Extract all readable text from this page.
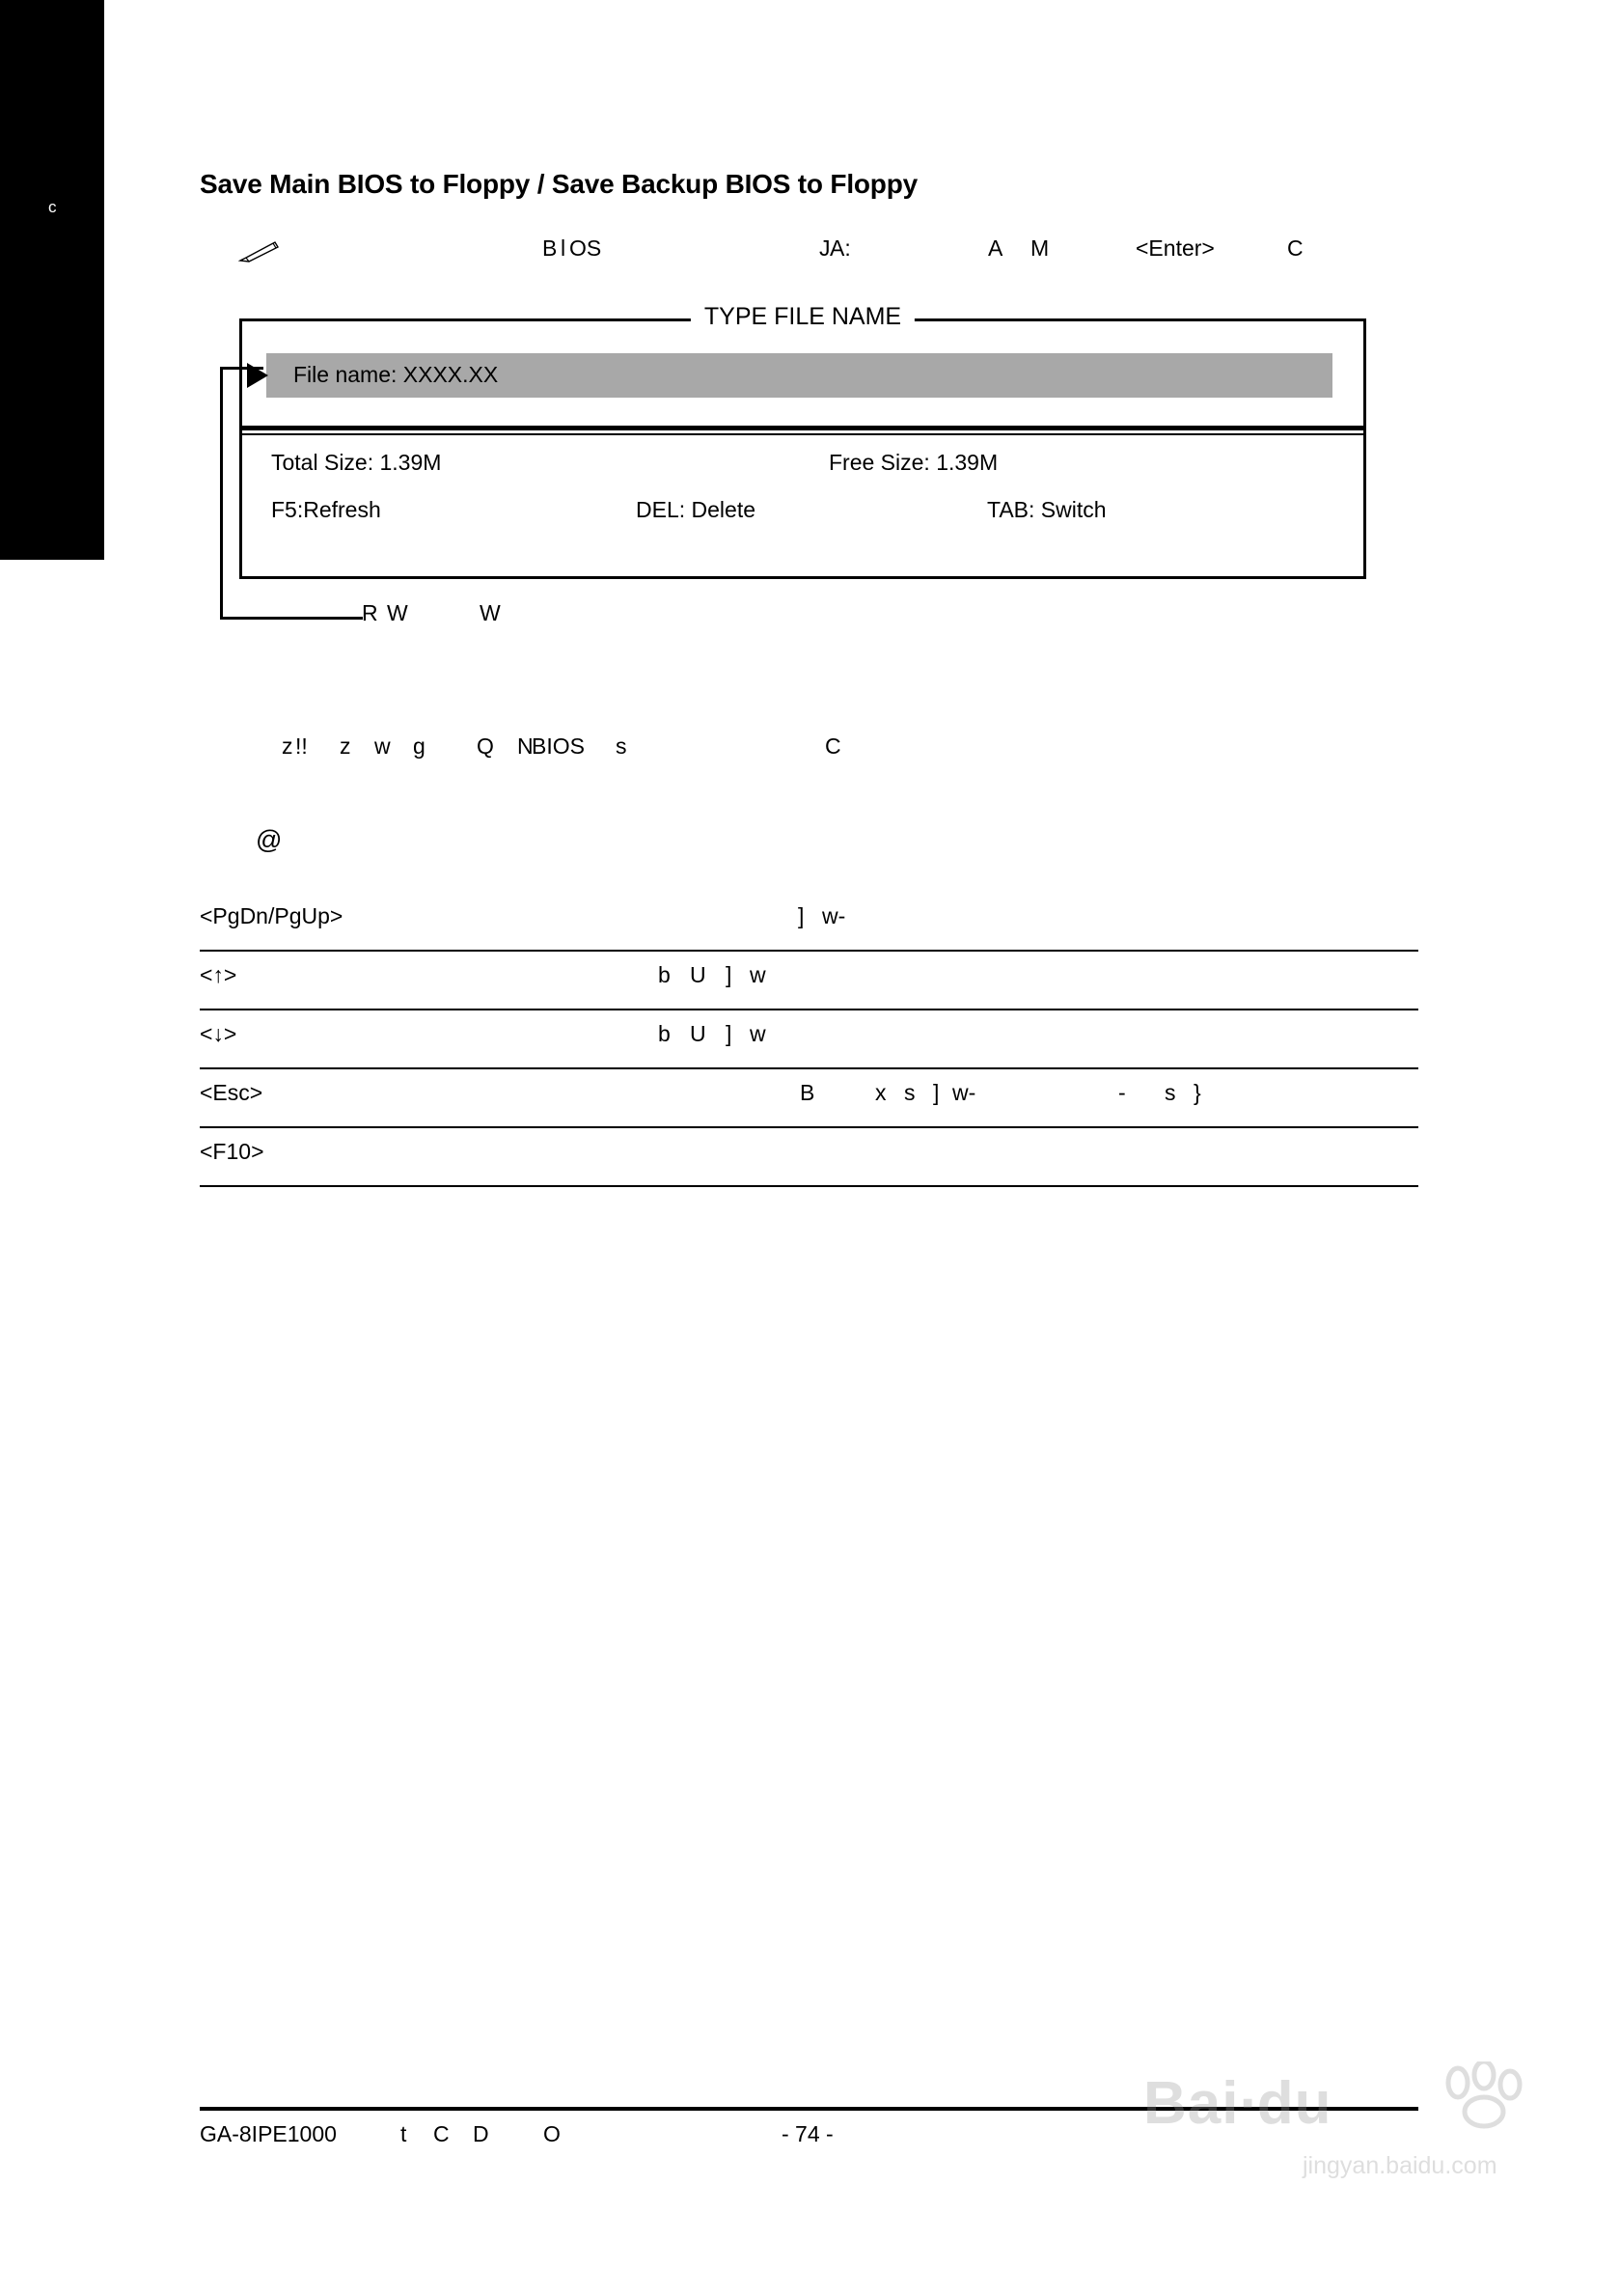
c
Save Main BIOS to Floppy / Save Backup BIOS to Floppy
B l OS	J A:	A M	<Enter>	C
TYPE FILE NAME
File name: XXXX.XX
Total Size: 1.39M	Free Size: 1.39M
F5:Refresh	DEL: Delete	TAB: Switch
R W	W
z !! z w g Q N
BIOS s	C
@
<PgDn/PgUp>	] w-
<↑>	b U ] w
<↓>	b U ] w
<Esc>	B	x s ] w-	- s }
<F10>
GA-8IPE1000	t C D O	- 74 -	Bai∙du
jingyan.baidu.com
